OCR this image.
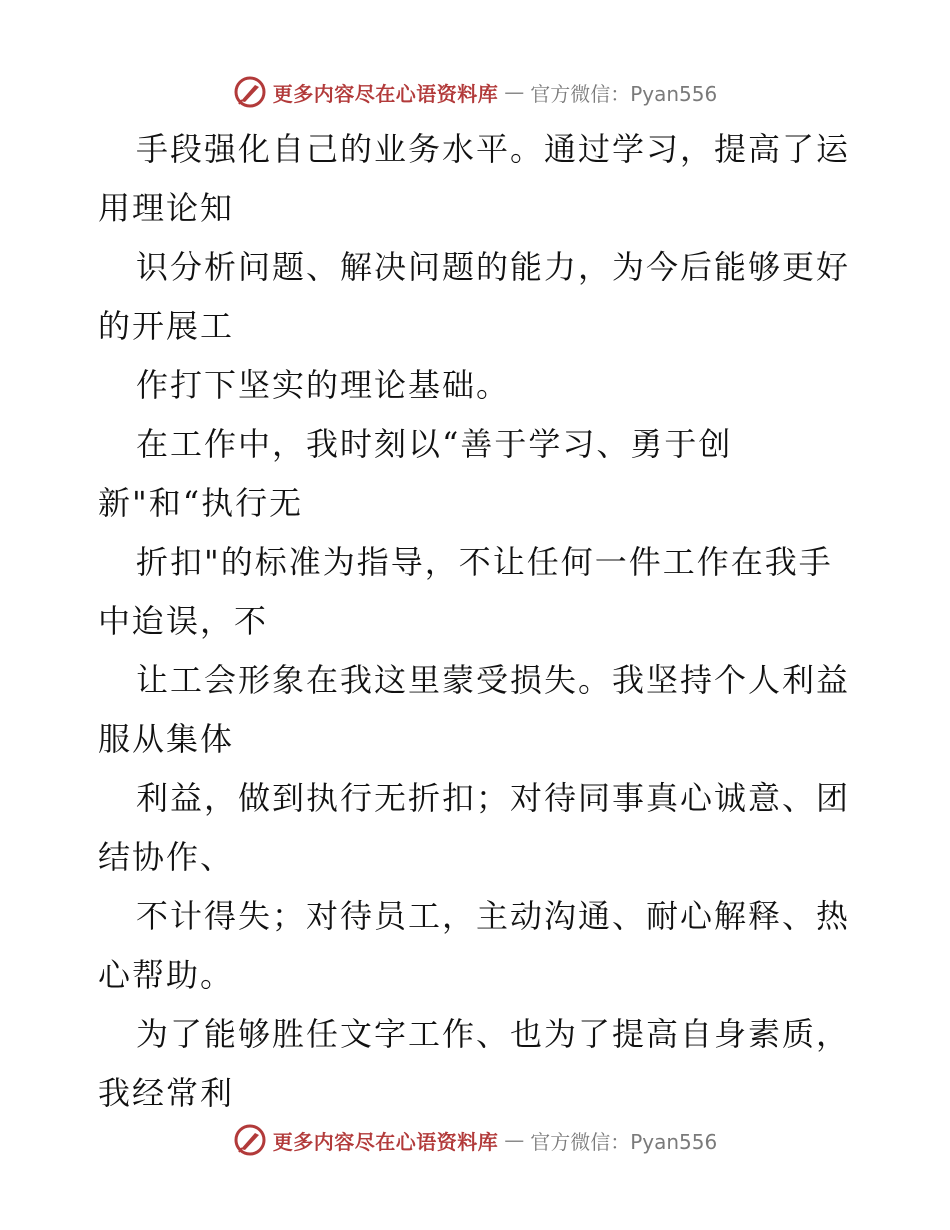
更多内容尽在心语资料库 — 官方微信：Pyan556
手段强化自己的业务水平。通过学习，提高了运
用理论知
识分析问题、解决问题的能力，为今后能够更好
的开展工
作打下坚实的理论基础。
在工作中，我时刻以“善于学习、勇于创
新"和“执行无
折扣"的标准为指导，不让任何一件工作在我手
中迨误，不
让工会形象在我这里蒙受损失。我坚持个人利益
服从集体
利益，做到执行无折扣；对待同事真心诚意、团
结协作、
不计得失；对待员工，主动沟通、耐心解释、热
心帮助。
为了能够胜任文字工作、也为了提高自身素质，
我经常利
更多内容尽在心语资料库 — 官方微信：Pyan556
